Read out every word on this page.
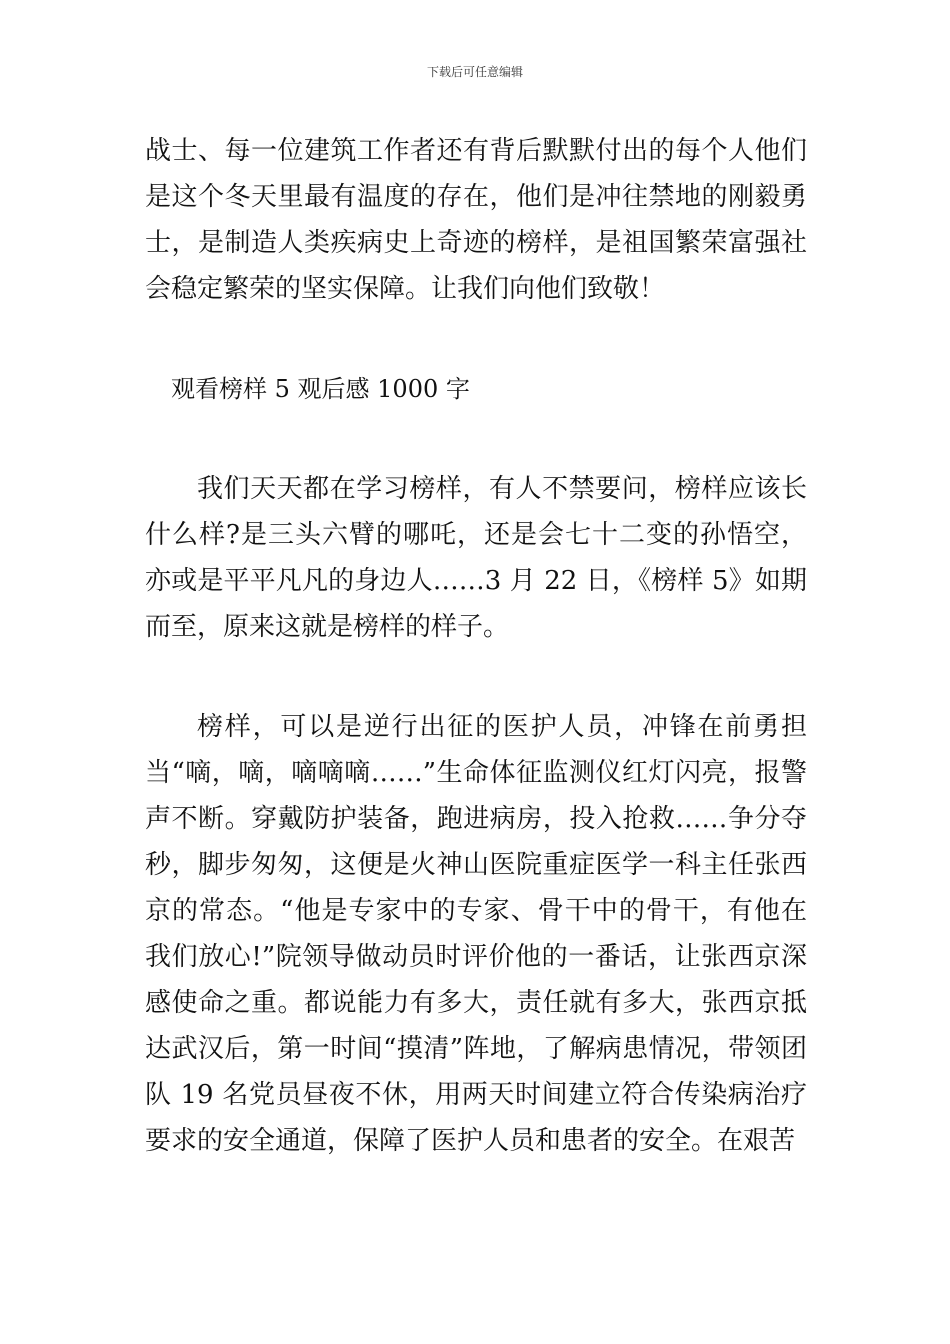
下载后可任意编辑

战士、每一位建筑工作者还有背后默默付出的每个人他们是这个冬天里最有温度的存在，他们是冲往禁地的刚毅勇士，是制造人类疾病史上奇迹的榜样，是祖国繁荣富强社会稳定繁荣的坚实保障。让我们向他们致敬！

观看榜样 5 观后感 1000 字

我们天天都在学习榜样，有人不禁要问，榜样应该长什么样?是三头六臂的哪吒，还是会七十二变的孙悟空，亦或是平平凡凡的身边人……3 月 22 日，《榜样 5》如期而至，原来这就是榜样的样子。

榜样，可以是逆行出征的医护人员，冲锋在前勇担当“嘀，嘀，嘀嘀嘀……”生命体征监测仪红灯闪亮，报警声不断。穿戴防护装备，跑进病房，投入抢救……争分夺秒，脚步匆匆，这便是火神山医院重症医学一科主任张西京的常态。“他是专家中的专家、骨干中的骨干，有他在我们放心!”院领导做动员时评价他的一番话，让张西京深感使命之重。都说能力有多大，责任就有多大，张西京抵达武汉后，第一时间“摸清”阵地，了解病患情况，带领团队 19 名党员昼夜不休，用两天时间建立符合传染病治疗要求的安全通道，保障了医护人员和患者的安全。在艰苦
